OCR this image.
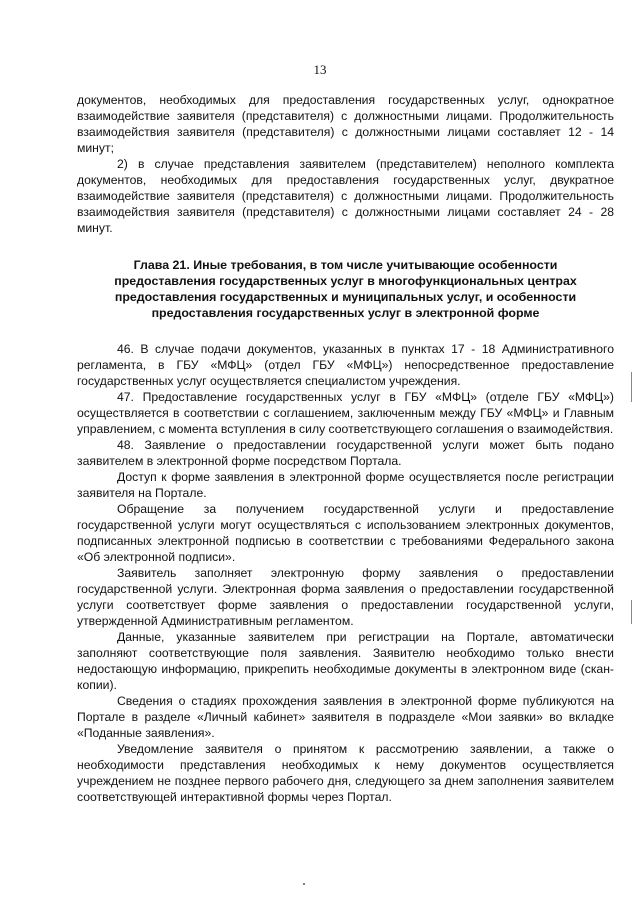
13

документов, необходимых для предоставления государственных услуг, однократное взаимодействие заявителя (представителя) с должностными лицами. Продолжительность взаимодействия заявителя (представителя) с должностными лицами составляет 12 - 14 минут;

2) в случае представления заявителем (представителем) неполного комплекта документов, необходимых для предоставления государственных услуг, двукратное взаимодействие заявителя (представителя) с должностными лицами. Продолжительность взаимодействия заявителя (представителя) с должностными лицами составляет 24 - 28 минут.

Глава 21. Иные требования, в том числе учитывающие особенности предоставления государственных услуг в многофункциональных центрах предоставления государственных и муниципальных услуг, и особенности предоставления государственных услуг в электронной форме

46. В случае подачи документов, указанных в пунктах 17 - 18 Административного регламента, в ГБУ «МФЦ» (отдел ГБУ «МФЦ») непосредственное предоставление государственных услуг осуществляется специалистом учреждения.

47. Предоставление государственных услуг в ГБУ «МФЦ» (отделе ГБУ «МФЦ») осуществляется в соответствии с соглашением, заключенным между ГБУ «МФЦ» и Главным управлением, с момента вступления в силу соответствующего соглашения о взаимодействия.

48. Заявление о предоставлении государственной услуги может быть подано заявителем в электронной форме посредством Портала.

Доступ к форме заявления в электронной форме осуществляется после регистрации заявителя на Портале.

Обращение за получением государственной услуги и предоставление государственной услуги могут осуществляться с использованием электронных документов, подписанных электронной подписью в соответствии с требованиями Федерального закона «Об электронной подписи».

Заявитель заполняет электронную форму заявления о предоставлении государственной услуги. Электронная форма заявления о предоставлении государственной услуги соответствует форме заявления о предоставлении государственной услуги, утвержденной Административным регламентом.

Данные, указанные заявителем при регистрации на Портале, автоматически заполняют соответствующие поля заявления. Заявителю необходимо только внести недостающую информацию, прикрепить необходимые документы в электронном виде (скан-копии).

Сведения о стадиях прохождения заявления в электронной форме публикуются на Портале в разделе «Личный кабинет» заявителя в подразделе «Мои заявки» во вкладке «Поданные заявления».

Уведомление заявителя о принятом к рассмотрению заявлении, а также о необходимости представления необходимых к нему документов осуществляется учреждением не позднее первого рабочего дня, следующего за днем заполнения заявителем соответствующей интерактивной формы через Портал.
